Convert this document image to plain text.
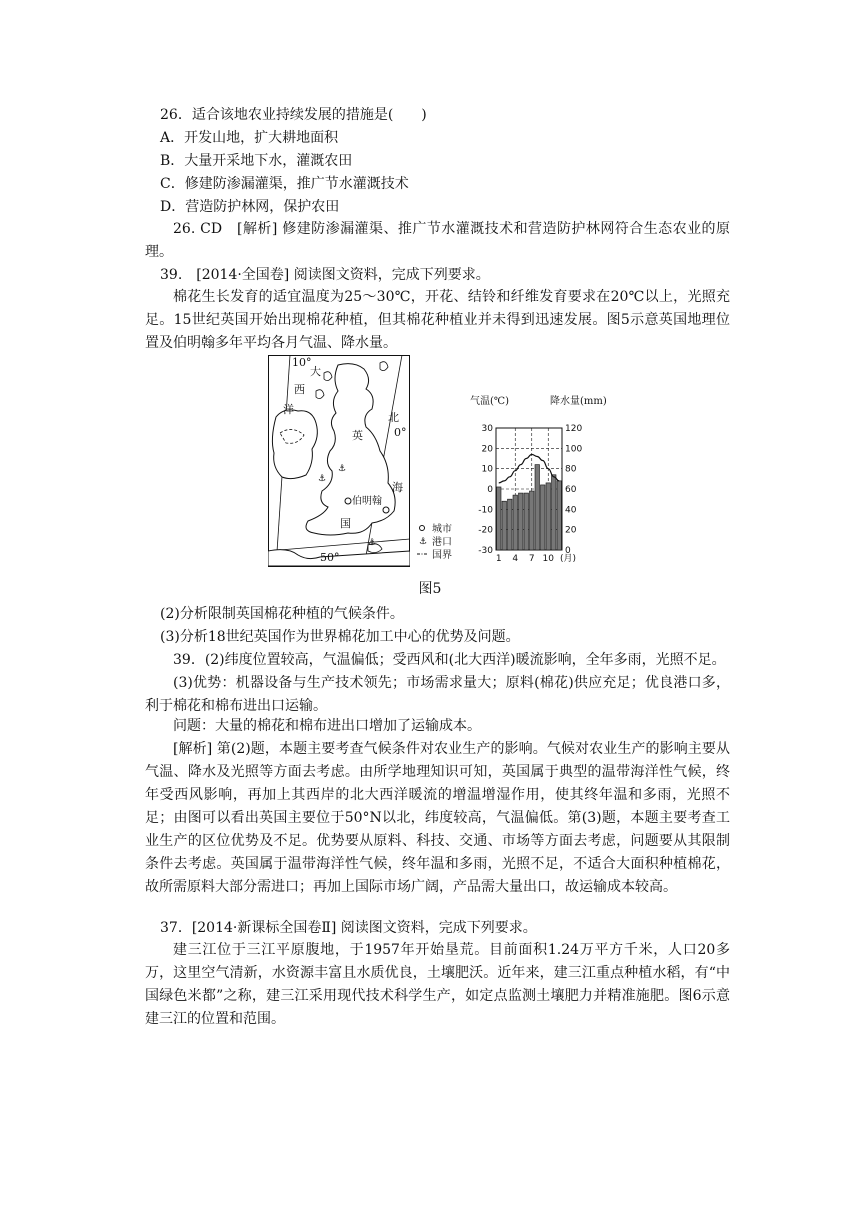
26．适合该地农业持续发展的措施是(　　)
A．开发山地，扩大耕地面积
B．大量开采地下水，灌溉农田
C．修建防渗漏灌渠，推广节水灌溉技术
D．营造防护林网，保护农田
26. CD　[解析] 修建防渗漏灌渠、推广节水灌溉技术和营造防护林网符合生态农业的原理。
39.　[2014·全国卷] 阅读图文资料，完成下列要求。
棉花生长发育的适宜温度为25～30℃，开花、结铃和纤维发育要求在20℃以上，光照充足。15世纪英国开始出现棉花种植，但其棉花种植业并未得到迅速发展。图5示意英国地理位置及伯明翰多年平均各月气温、降水量。
⚓
⚓
⚓
10°
0°
50°
大
西
洋
北
英
海
国
伯明翰
⚓
城市
港口
国界
气温(℃)	降水量(mm)
30
20
10
0
-10
-20
-30
120
100
80
60
40
20
0
1 4 7 10 (月)
图5
(2)分析限制英国棉花种植的气候条件。
(3)分析18世纪英国作为世界棉花加工中心的优势及问题。
39．(2)纬度位置较高，气温偏低；受西风和(北大西洋)暖流影响，全年多雨，光照不足。
(3)优势：机器设备与生产技术领先；市场需求量大；原料(棉花)供应充足；优良港口多，利于棉花和棉布进出口运输。
问题：大量的棉花和棉布进出口增加了运输成本。
[解析] 第(2)题，本题主要考查气候条件对农业生产的影响。气候对农业生产的影响主要从气温、降水及光照等方面去考虑。由所学地理知识可知，英国属于典型的温带海洋性气候，终年受西风影响，再加上其西岸的北大西洋暖流的增温增湿作用，使其终年温和多雨，光照不足；由图可以看出英国主要位于50°N以北，纬度较高，气温偏低。第(3)题，本题主要考查工业生产的区位优势及不足。优势要从原料、科技、交通、市场等方面去考虑，问题要从其限制条件去考虑。英国属于温带海洋性气候，终年温和多雨，光照不足，不适合大面积种植棉花，故所需原料大部分需进口；再加上国际市场广阔，产品需大量出口，故运输成本较高。
37．[2014·新课标全国卷Ⅱ] 阅读图文资料，完成下列要求。
建三江位于三江平原腹地，于1957年开始垦荒。目前面积1.24万平方千米，人口20多万，这里空气清新，水资源丰富且水质优良，土壤肥沃。近年来，建三江重点种植水稻，有“中国绿色米都”之称，建三江采用现代技术科学生产，如定点监测土壤肥力并精准施肥。图6示意建三江的位置和范围。
